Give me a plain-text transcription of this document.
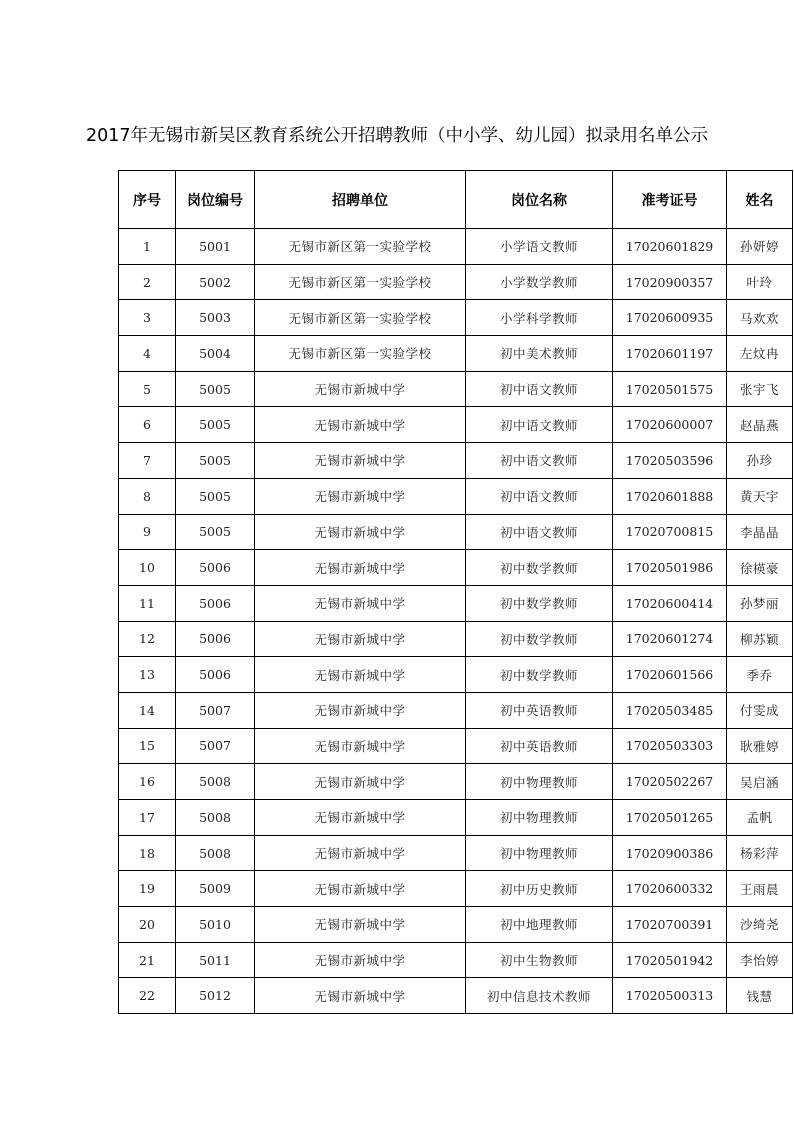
2017年无锡市新吴区教育系统公开招聘教师（中小学、幼儿园）拟录用名单公示
序号	岗位编号	招聘单位	岗位名称	准考证号	姓名
1	5001	无锡市新区第一实验学校	小学语文教师	17020601829	孙妍婷
2	5002	无锡市新区第一实验学校	小学数学教师	17020900357	叶玲
3	5003	无锡市新区第一实验学校	小学科学教师	17020600935	马欢欢
4	5004	无锡市新区第一实验学校	初中美术教师	17020601197	左炆冉
5	5005	无锡市新城中学	初中语文教师	17020501575	张宇飞
6	5005	无锡市新城中学	初中语文教师	17020600007	赵晶燕
7	5005	无锡市新城中学	初中语文教师	17020503596	孙珍
8	5005	无锡市新城中学	初中语文教师	17020601888	黄天宇
9	5005	无锡市新城中学	初中语文教师	17020700815	李晶晶
10	5006	无锡市新城中学	初中数学教师	17020501986	徐楧豪
11	5006	无锡市新城中学	初中数学教师	17020600414	孙梦丽
12	5006	无锡市新城中学	初中数学教师	17020601274	柳苏颖
13	5006	无锡市新城中学	初中数学教师	17020601566	季乔
14	5007	无锡市新城中学	初中英语教师	17020503485	付雯成
15	5007	无锡市新城中学	初中英语教师	17020503303	耿雅婷
16	5008	无锡市新城中学	初中物理教师	17020502267	吴启涵
17	5008	无锡市新城中学	初中物理教师	17020501265	孟帆
18	5008	无锡市新城中学	初中物理教师	17020900386	杨彩萍
19	5009	无锡市新城中学	初中历史教师	17020600332	王雨晨
20	5010	无锡市新城中学	初中地理教师	17020700391	沙绮尧
21	5011	无锡市新城中学	初中生物教师	17020501942	李怡婷
22	5012	无锡市新城中学	初中信息技术教师	17020500313	钱慧
